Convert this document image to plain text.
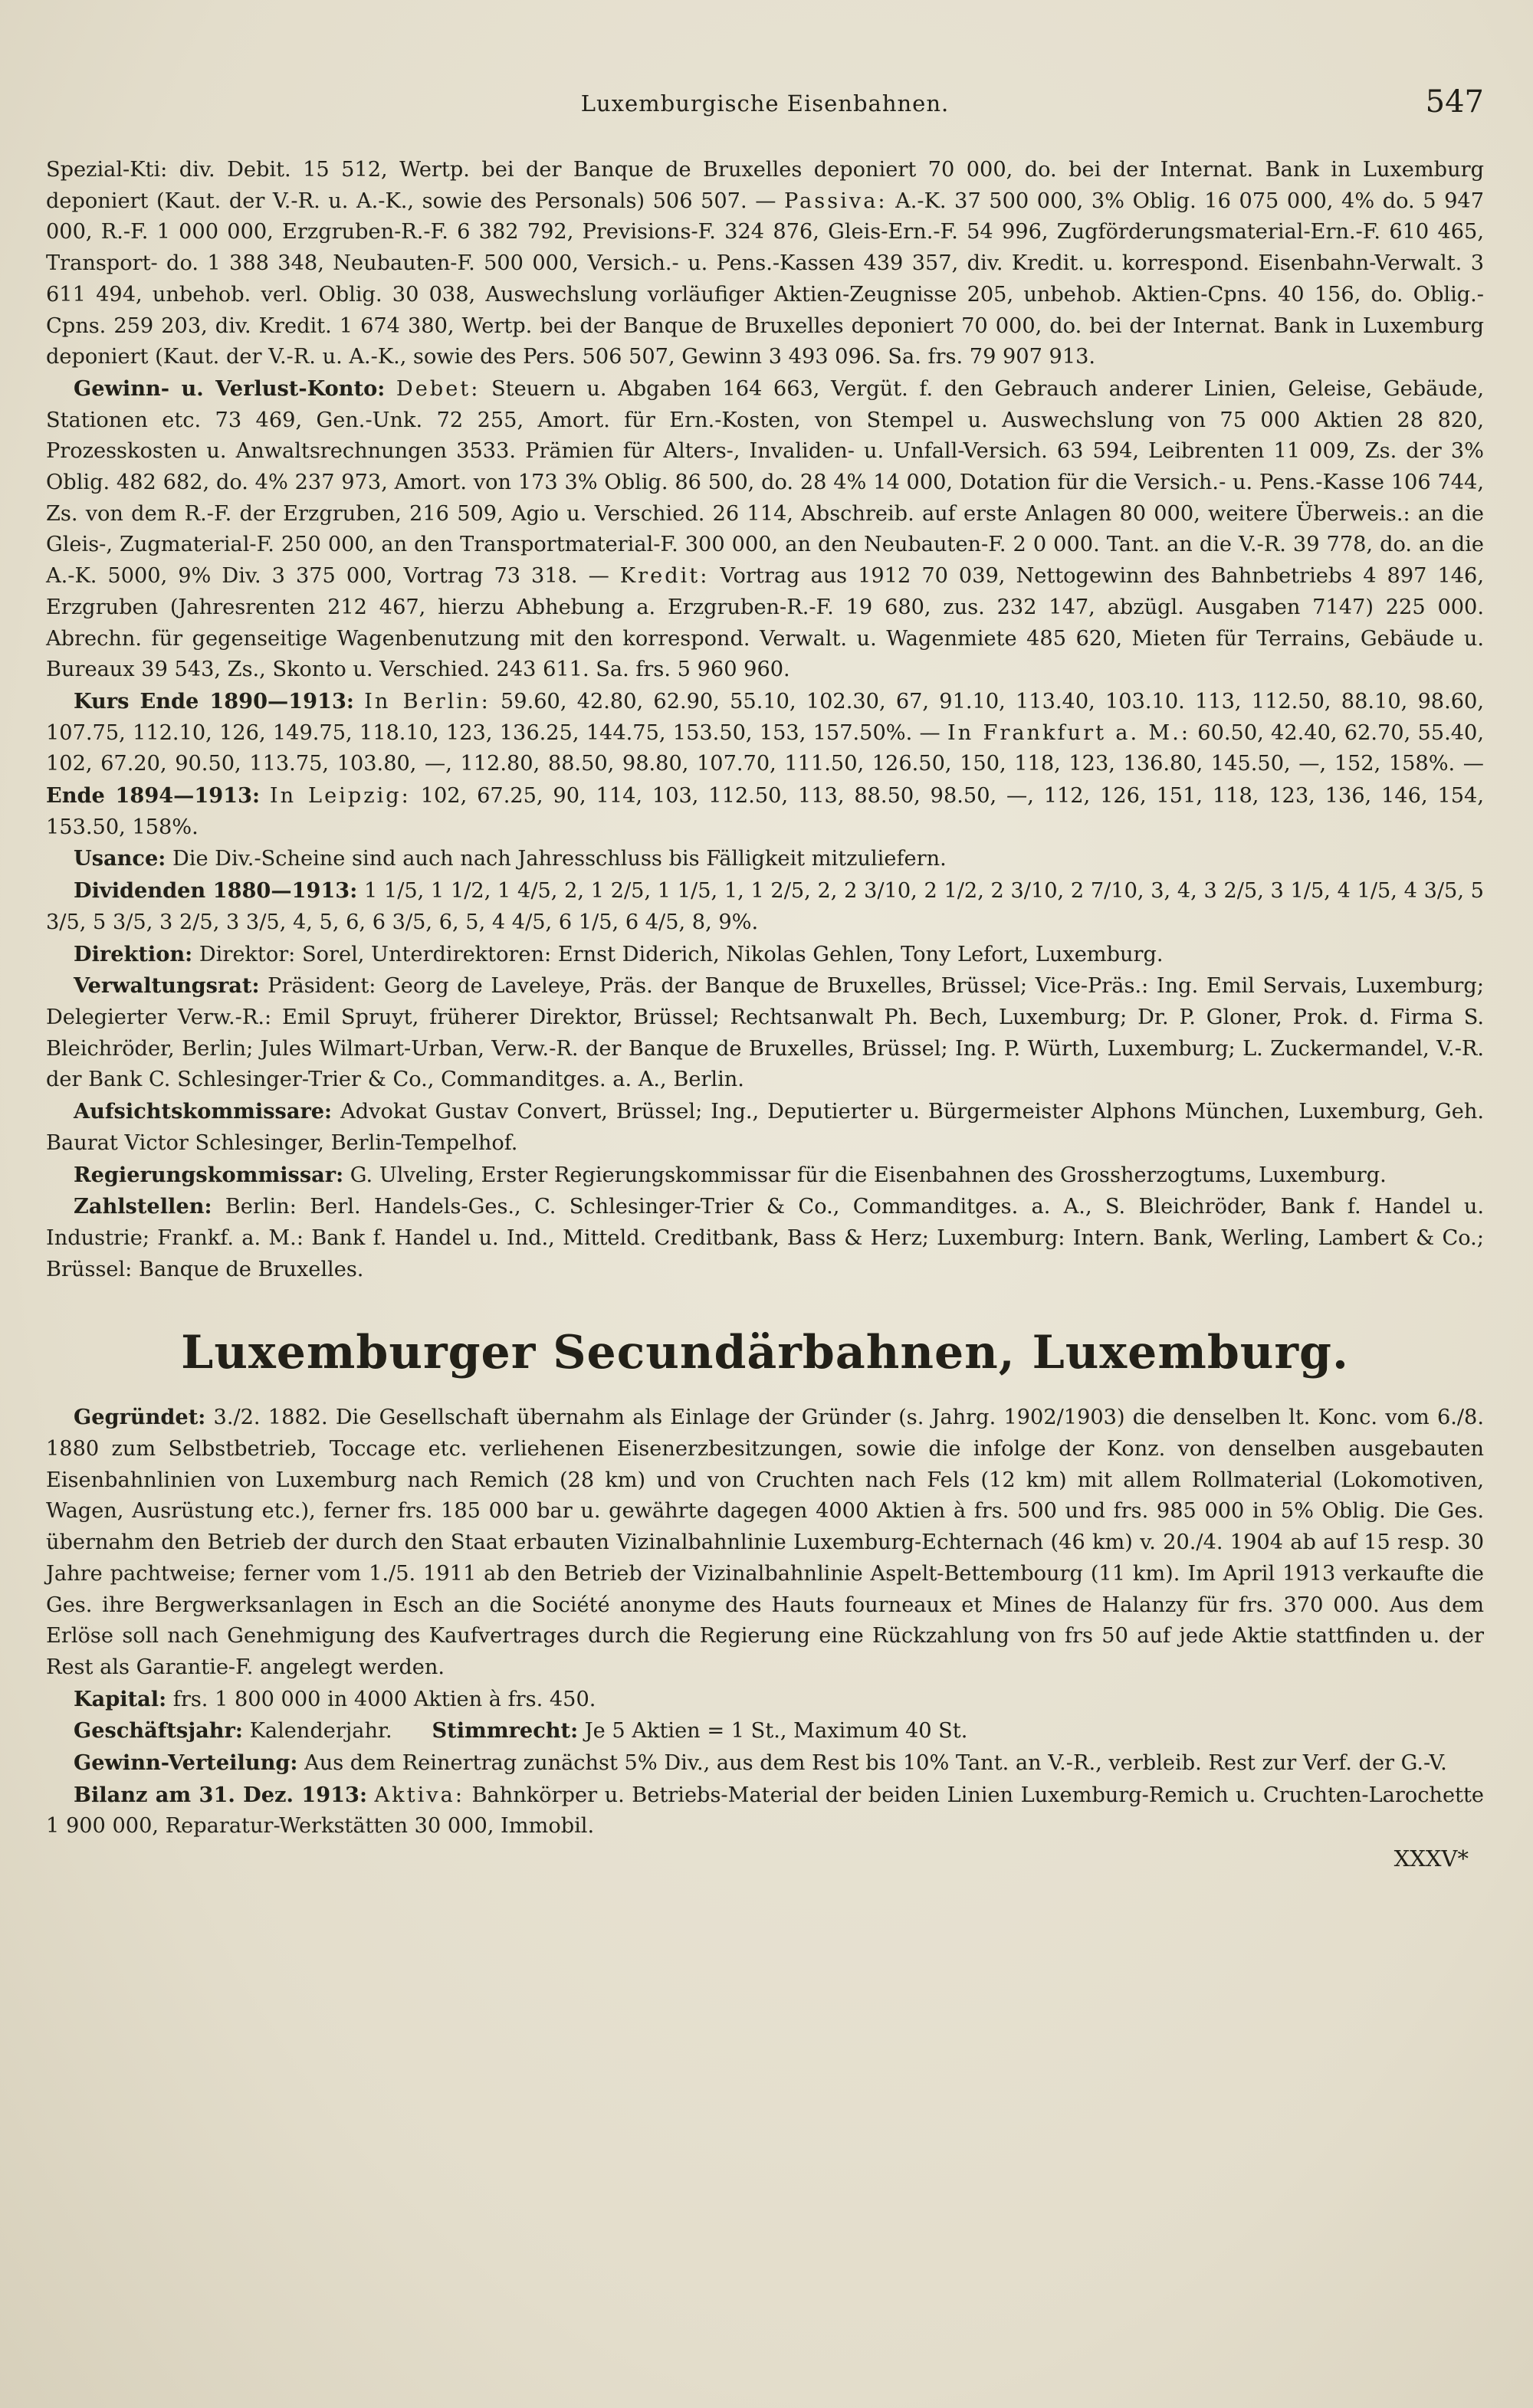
Luxemburgische Eisenbahnen.	547

Spezial-Kti: div. Debit. 15 512, Wertp. bei der Banque de Bruxelles deponiert 70 000, do. bei der Internat. Bank in Luxemburg deponiert (Kaut. der V.-R. u. A.-K., sowie des Personals) 506 507. — Passiva: A.-K. 37 500 000, 3% Oblig. 16 075 000, 4% do. 5 947 000, R.-F. 1 000 000, Erzgruben-R.-F. 6 382 792, Previsions-F. 324 876, Gleis-Ern.-F. 54 996, Zugförderungsmaterial-Ern.-F. 610 465, Transport- do. 1 388 348, Neubauten-F. 500 000, Versich.- u. Pens.-Kassen 439 357, div. Kredit. u. korrespond. Eisenbahn-Verwalt. 3 611 494, unbehob. verl. Oblig. 30 038, Auswechslung vorläufiger Aktien-Zeugnisse 205, unbehob. Aktien-Cpns. 40 156, do. Oblig.-Cpns. 259 203, div. Kredit. 1 674 380, Wertp. bei der Banque de Bruxelles deponiert 70 000, do. bei der Internat. Bank in Luxemburg deponiert (Kaut. der V.-R. u. A.-K., sowie des Pers. 506 507, Gewinn 3 493 096. Sa. frs. 79 907 913.

Gewinn- u. Verlust-Konto: Debet: Steuern u. Abgaben 164 663, Vergüt. f. den Gebrauch anderer Linien, Geleise, Gebäude, Stationen etc. 73 469, Gen.-Unk. 72 255, Amort. für Ern.-Kosten, von Stempel u. Auswechslung von 75 000 Aktien 28 820, Prozesskosten u. Anwaltsrechnungen 3533. Prämien für Alters-, Invaliden- u. Unfall-Versich. 63 594, Leibrenten 11 009, Zs. der 3% Oblig. 482 682, do. 4% 237 973, Amort. von 173 3% Oblig. 86 500, do. 28 4% 14 000, Dotation für die Versich.- u. Pens.-Kasse 106 744, Zs. von dem R.-F. der Erzgruben, 216 509, Agio u. Verschied. 26 114, Abschreib. auf erste Anlagen 80 000, weitere Überweis.: an die Gleis-, Zugmaterial-F. 250 000, an den Transportmaterial-F. 300 000, an den Neubauten-F. 2 0 000. Tant. an die V.-R. 39 778, do. an die A.-K. 5000, 9% Div. 3 375 000, Vortrag 73 318. — Kredit: Vortrag aus 1912 70 039, Nettogewinn des Bahnbetriebs 4 897 146, Erzgruben (Jahresrenten 212 467, hierzu Abhebung a. Erzgruben-R.-F. 19 680, zus. 232 147, abzügl. Ausgaben 7147) 225 000. Abrechn. für gegenseitige Wagenbenutzung mit den korrespond. Verwalt. u. Wagenmiete 485 620, Mieten für Terrains, Gebäude u. Bureaux 39 543, Zs., Skonto u. Verschied. 243 611. Sa. frs. 5 960 960.

Kurs Ende 1890—1913: In Berlin: 59.60, 42.80, 62.90, 55.10, 102.30, 67, 91.10, 113.40, 103.10. 113, 112.50, 88.10, 98.60, 107.75, 112.10, 126, 149.75, 118.10, 123, 136.25, 144.75, 153.50, 153, 157.50%. — In Frankfurt a. M.: 60.50, 42.40, 62.70, 55.40, 102, 67.20, 90.50, 113.75, 103.80, —, 112.80, 88.50, 98.80, 107.70, 111.50, 126.50, 150, 118, 123, 136.80, 145.50, —, 152, 158%. — Ende 1894—1913: In Leipzig: 102, 67.25, 90, 114, 103, 112.50, 113, 88.50, 98.50, —, 112, 126, 151, 118, 123, 136, 146, 154, 153.50, 158%.

Usance: Die Div.-Scheine sind auch nach Jahresschluss bis Fälligkeit mitzuliefern.

Dividenden 1880—1913: 1 1/5, 1 1/2, 1 4/5, 2, 1 2/5, 1 1/5, 1, 1 2/5, 2, 2 3/10, 2 1/2, 2 3/10, 2 7/10, 3, 4, 3 2/5, 3 1/5, 4 1/5, 4 3/5, 5 3/5, 5 3/5, 3 2/5, 3 3/5, 4, 5, 6, 6 3/5, 6, 5, 4 4/5, 6 1/5, 6 4/5, 8, 9%.

Direktion: Direktor: Sorel, Unterdirektoren: Ernst Diderich, Nikolas Gehlen, Tony Lefort, Luxemburg.

Verwaltungsrat: Präsident: Georg de Laveleye, Präs. der Banque de Bruxelles, Brüssel; Vice-Präs.: Ing. Emil Servais, Luxemburg; Delegierter Verw.-R.: Emil Spruyt, früherer Direktor, Brüssel; Rechtsanwalt Ph. Bech, Luxemburg; Dr. P. Gloner, Prok. d. Firma S. Bleichröder, Berlin; Jules Wilmart-Urban, Verw.-R. der Banque de Bruxelles, Brüssel; Ing. P. Würth, Luxemburg; L. Zuckermandel, V.-R. der Bank C. Schlesinger-Trier & Co., Commanditges. a. A., Berlin.

Aufsichtskommissare: Advokat Gustav Convert, Brüssel; Ing., Deputierter u. Bürgermeister Alphons München, Luxemburg, Geh. Baurat Victor Schlesinger, Berlin-Tempelhof.

Regierungskommissar: G. Ulveling, Erster Regierungskommissar für die Eisenbahnen des Grossherzogtums, Luxemburg.

Zahlstellen: Berlin: Berl. Handels-Ges., C. Schlesinger-Trier & Co., Commanditges. a. A., S. Bleichröder, Bank f. Handel u. Industrie; Frankf. a. M.: Bank f. Handel u. Ind., Mitteld. Creditbank, Bass & Herz; Luxemburg: Intern. Bank, Werling, Lambert & Co.; Brüssel: Banque de Bruxelles.

Luxemburger Secundärbahnen, Luxemburg.

Gegründet: 3./2. 1882. Die Gesellschaft übernahm als Einlage der Gründer (s. Jahrg. 1902/1903) die denselben lt. Konc. vom 6./8. 1880 zum Selbstbetrieb, Toccage etc. verliehenen Eisenerzbesitzungen, sowie die infolge der Konz. von denselben ausgebauten Eisenbahnlinien von Luxemburg nach Remich (28 km) und von Cruchten nach Fels (12 km) mit allem Rollmaterial (Lokomotiven, Wagen, Ausrüstung etc.), ferner frs. 185 000 bar u. gewährte dagegen 4000 Aktien à frs. 500 und frs. 985 000 in 5% Oblig. Die Ges. übernahm den Betrieb der durch den Staat erbauten Vizinalbahnlinie Luxemburg-Echternach (46 km) v. 20./4. 1904 ab auf 15 resp. 30 Jahre pachtweise; ferner vom 1./5. 1911 ab den Betrieb der Vizinalbahnlinie Aspelt-Bettembourg (11 km). Im April 1913 verkaufte die Ges. ihre Bergwerksanlagen in Esch an die Société anonyme des Hauts fourneaux et Mines de Halanzy für frs. 370 000. Aus dem Erlöse soll nach Genehmigung des Kaufvertrages durch die Regierung eine Rückzahlung von frs 50 auf jede Aktie stattfinden u. der Rest als Garantie-F. angelegt werden.

Kapital: frs. 1 800 000 in 4000 Aktien à frs. 450.

Geschäftsjahr: Kalenderjahr. Stimmrecht: Je 5 Aktien = 1 St., Maximum 40 St.

Gewinn-Verteilung: Aus dem Reinertrag zunächst 5% Div., aus dem Rest bis 10% Tant. an V.-R., verbleib. Rest zur Verf. der G.-V.

Bilanz am 31. Dez. 1913: Aktiva: Bahnkörper u. Betriebs-Material der beiden Linien Luxemburg-Remich u. Cruchten-Larochette 1 900 000, Reparatur-Werkstätten 30 000, Immobil.

XXXV*
